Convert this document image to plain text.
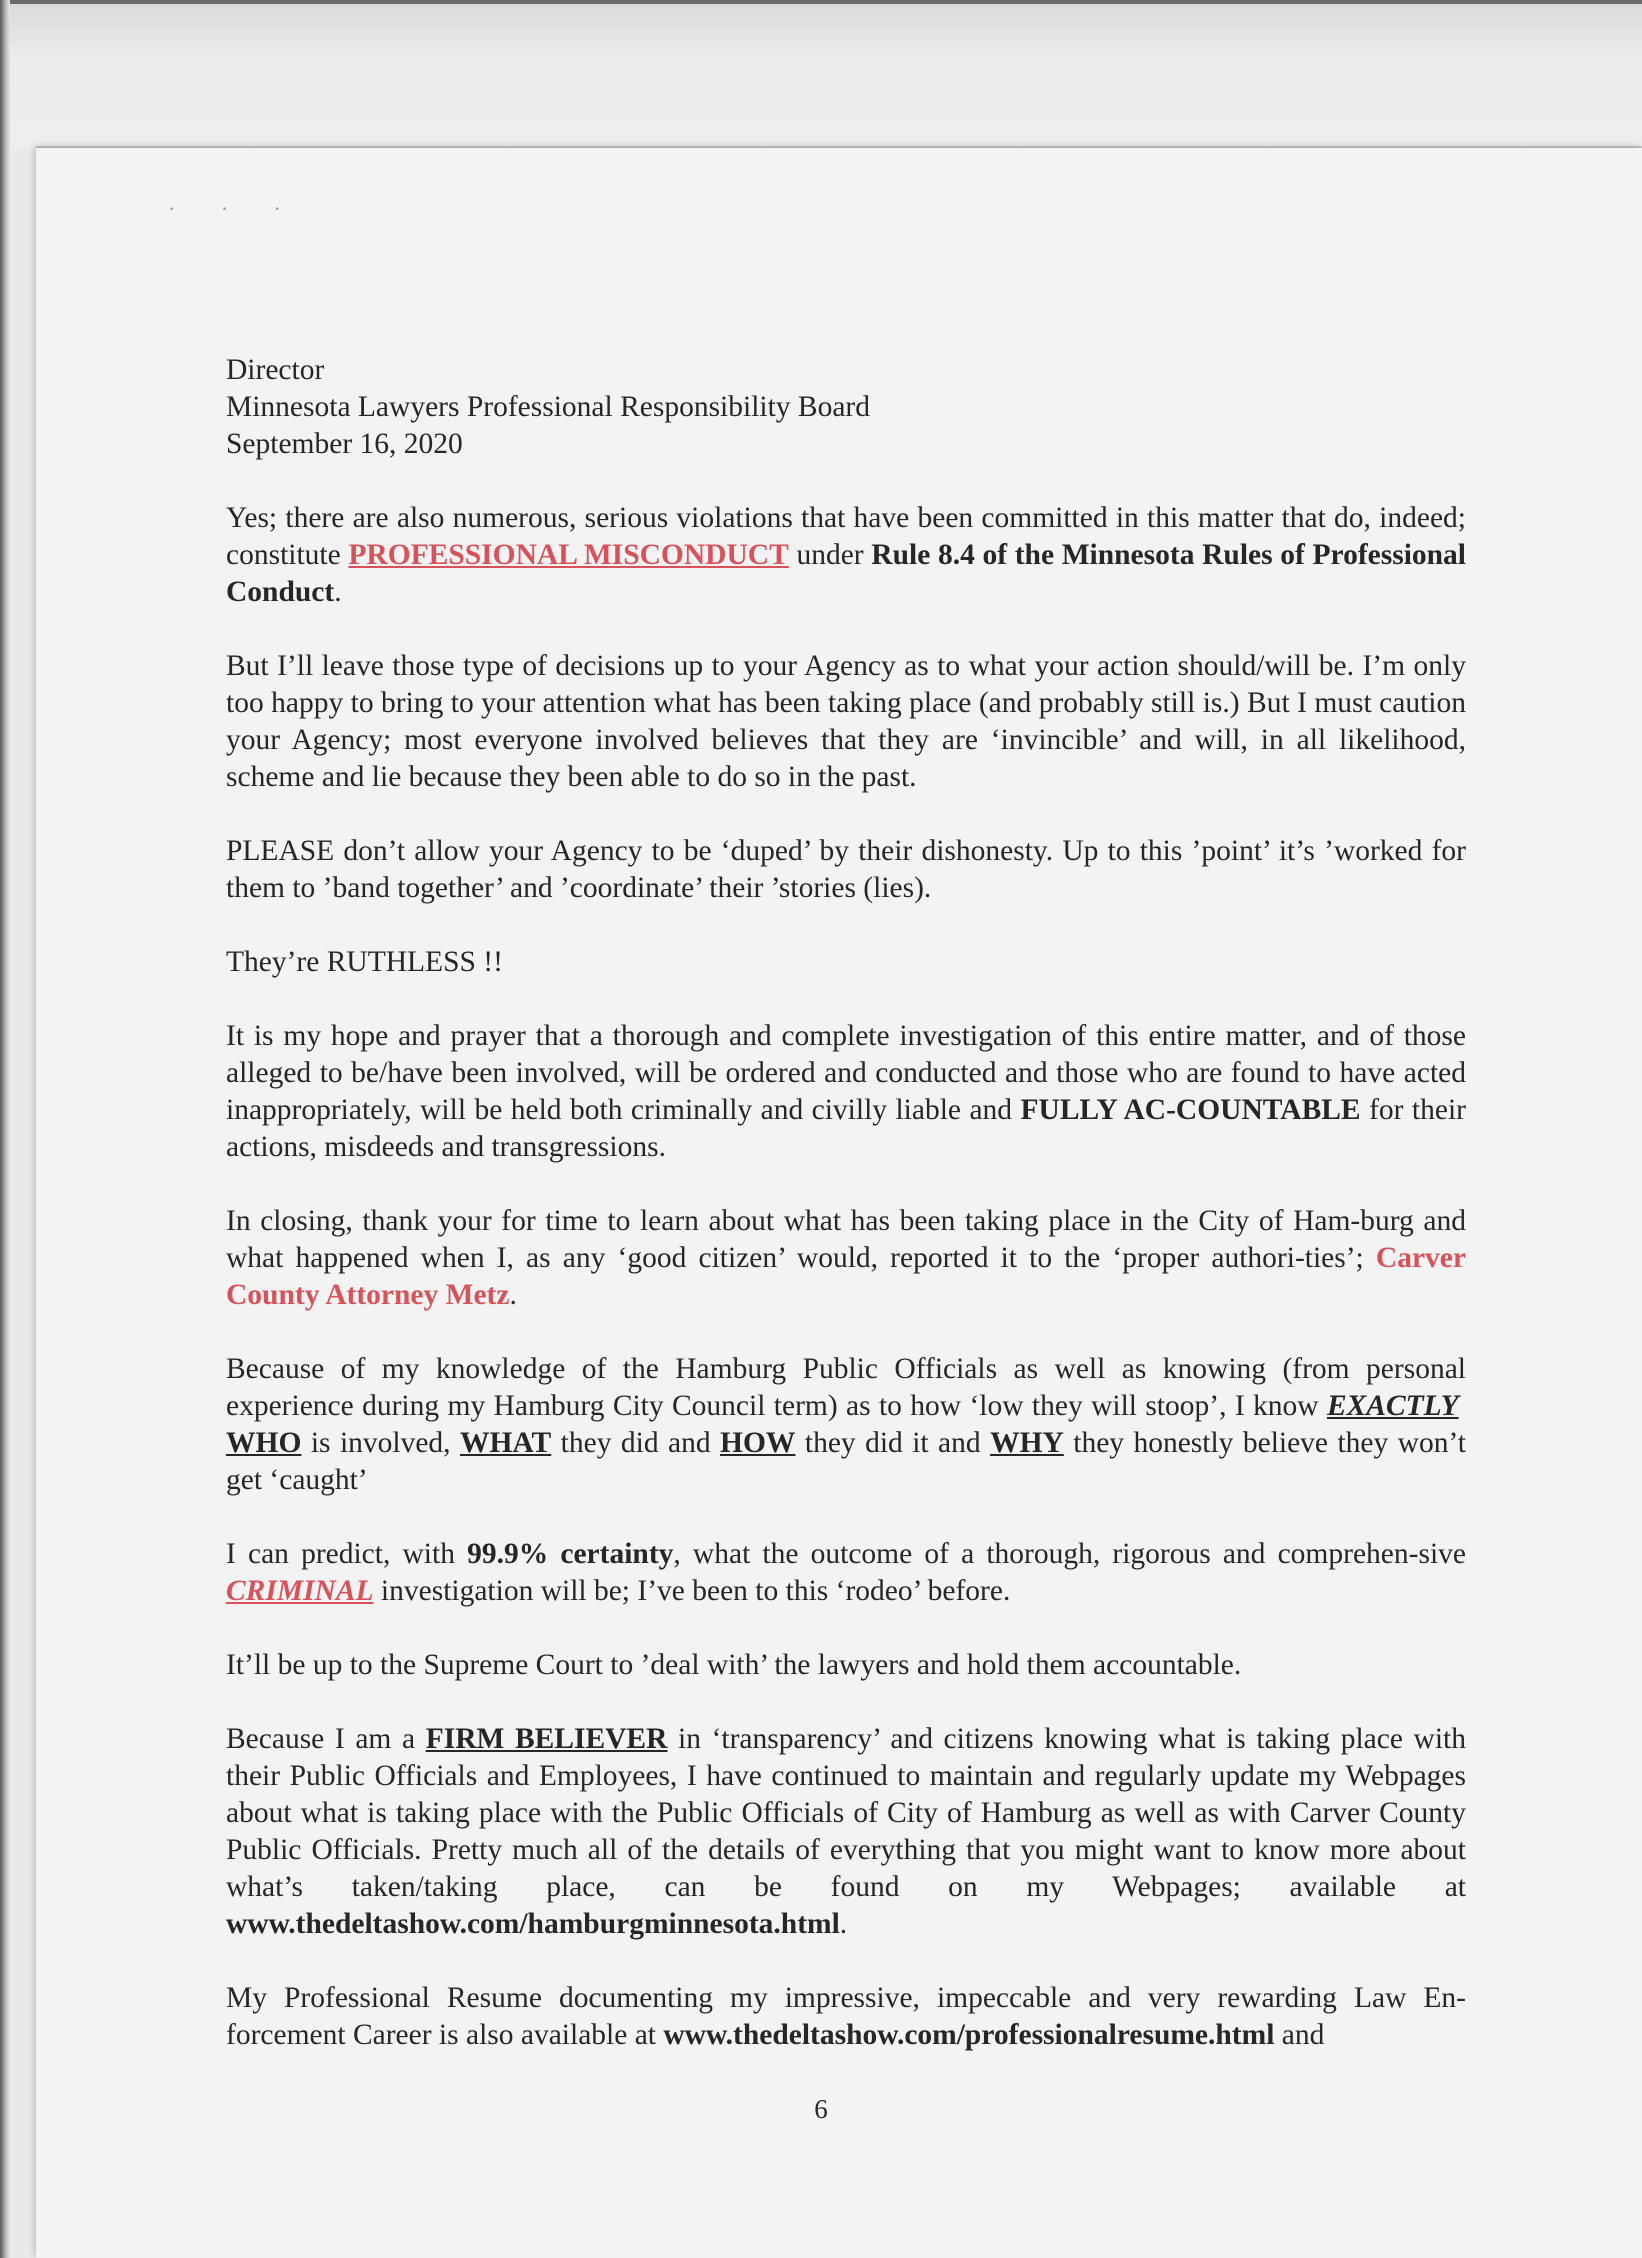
· · ·

Director
Minnesota Lawyers Professional Responsibility Board
September 16, 2020

Yes; there are also numerous, serious violations that have been committed in this matter that do, indeed; constitute PROFESSIONAL MISCONDUCT under Rule 8.4 of the Minnesota Rules of Professional Conduct.

But I’ll leave those type of decisions up to your Agency as to what your action should/will be. I’m only too happy to bring to your attention what has been taking place (and probably still is.) But I must caution your Agency; most everyone involved believes that they are ‘invincible’ and will, in all likelihood, scheme and lie because they been able to do so in the past.

PLEASE don’t allow your Agency to be ‘duped’ by their dishonesty. Up to this ’point’ it’s ’worked for them to ’band together’ and ’coordinate’ their ’stories (lies).

They’re RUTHLESS !!

It is my hope and prayer that a thorough and complete investigation of this entire matter, and of those alleged to be/have been involved, will be ordered and conducted and those who are found to have acted inappropriately, will be held both criminally and civilly liable and FULLY AC-COUNTABLE for their actions, misdeeds and transgressions.

In closing, thank your for time to learn about what has been taking place in the City of Ham-burg and what happened when I, as any ‘good citizen’ would, reported it to the ‘proper authori-ties’; Carver County Attorney Metz.

Because of my knowledge of the Hamburg Public Officials as well as knowing (from personal experience during my Hamburg City Council term) as to how ‘low they will stoop’, I know EXACTLY  WHO is involved, WHAT they did and HOW they did it and WHY they honestly believe they won’t get ‘caught’

I can predict, with 99.9% certainty, what the outcome of a thorough, rigorous and comprehen-sive CRIMINAL investigation will be; I’ve been to this ‘rodeo’ before.

It’ll be up to the Supreme Court to ’deal with’ the lawyers and hold them accountable.

Because I am a FIRM BELIEVER in ‘transparency’ and citizens knowing what is taking place with their Public Officials and Employees, I have continued to maintain and regularly update my Webpages about what is taking place with the Public Officials of City of Hamburg as well as with Carver County Public Officials. Pretty much all of the details of everything that you might want to know more about what’s taken/taking place, can be found on my Webpages; available at www.thedeltashow.com/hamburgminnesota.html.

My Professional Resume documenting my impressive, impeccable and very rewarding Law En-forcement Career is also available at www.thedeltashow.com/professionalresume.html and

6
